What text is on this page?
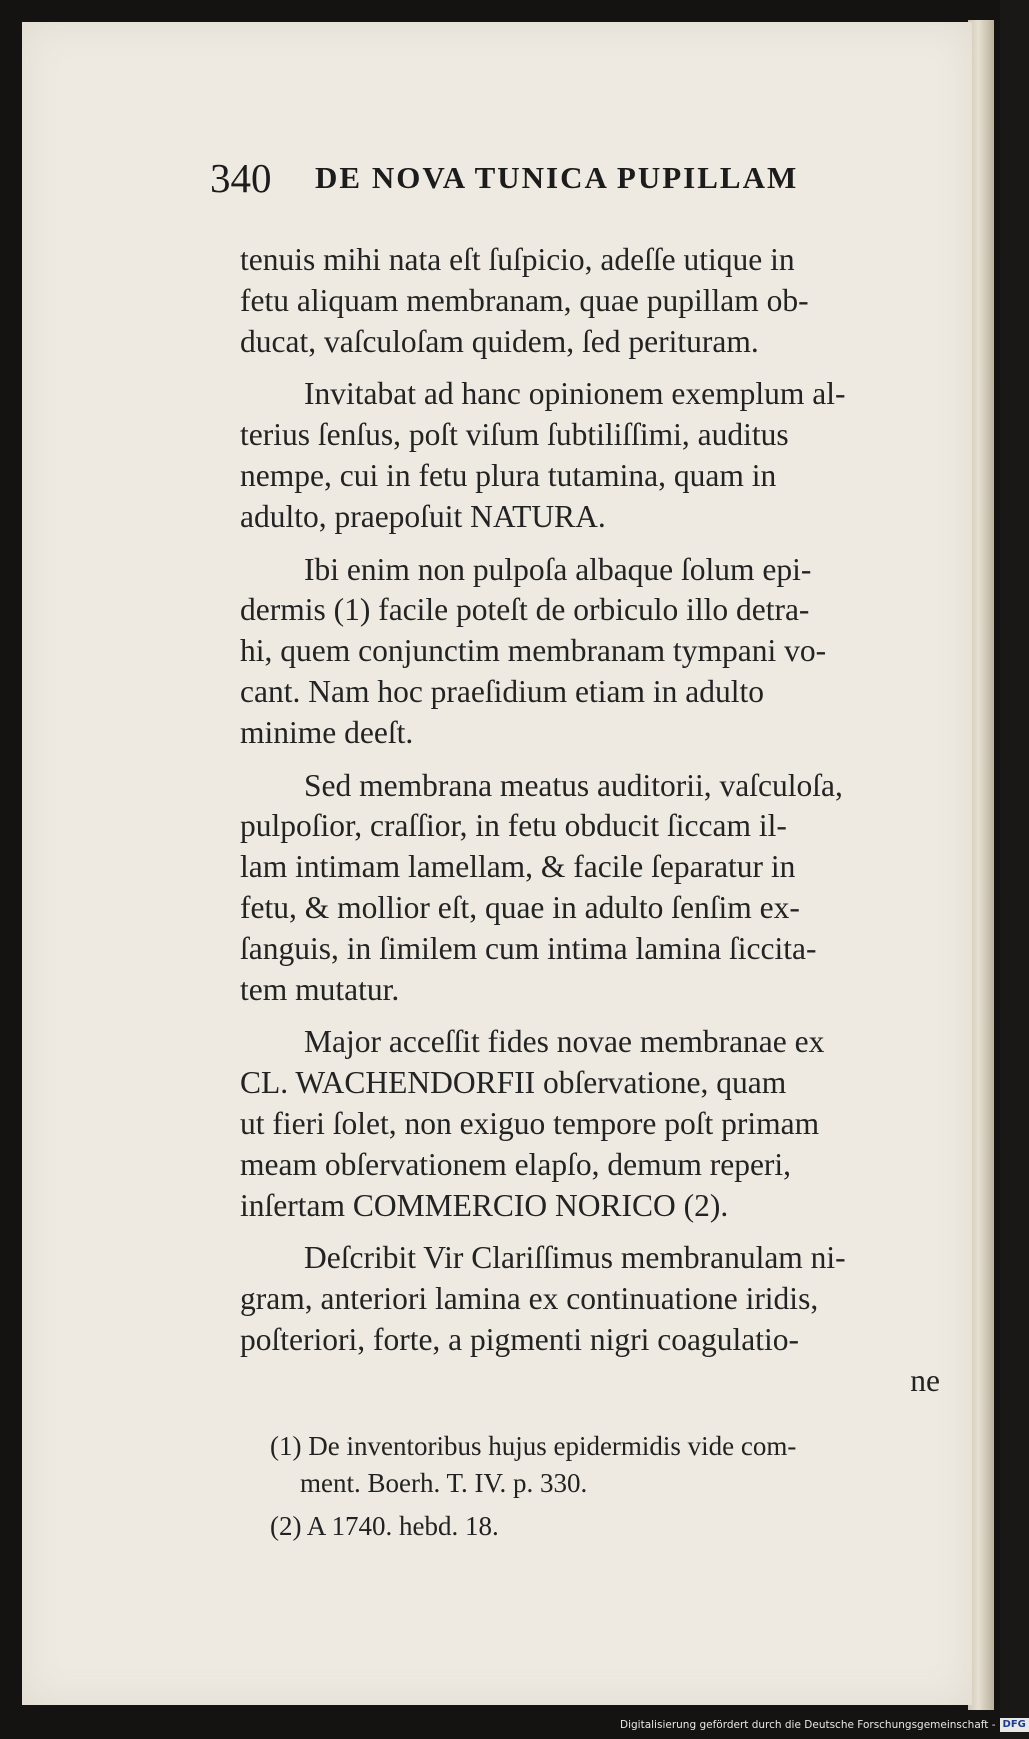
340 DE NOVA TUNICA PUPILLAM

tenuis mihi nata eſt ſuſpicio, adeſſe utique in
fetu aliquam membranam, quae pupillam ob-
ducat, vaſculoſam quidem, ſed perituram.

Invitabat ad hanc opinionem exemplum al-
terius ſenſus, poſt viſum ſubtiliſſimi, auditus
nempe, cui in fetu plura tutamina, quam in
adulto, praepoſuit NATURA.

Ibi enim non pulpoſa albaque ſolum epi-
dermis (1) facile poteſt de orbiculo illo detra-
hi, quem conjunctim membranam tympani vo-
cant. Nam hoc praeſidium etiam in adulto
minime deeſt.

Sed membrana meatus auditorii, vaſculoſa,
pulpoſior, craſſior, in fetu obducit ſiccam il-
lam intimam lamellam, & facile ſeparatur in
fetu, & mollior eſt, quae in adulto ſenſim ex-
ſanguis, in ſimilem cum intima lamina ſiccita-
tem mutatur.

Major acceſſit fides novae membranae ex
CL. WACHENDORFII obſervatione, quam
ut fieri ſolet, non exiguo tempore poſt primam
meam obſervationem elapſo, demum reperi,
inſertam COMMERCIO NORICO (2).

Deſcribit Vir Clariſſimus membranulam ni-
gram, anteriori lamina ex continuatione iridis,
poſteriori, forte, a pigmenti nigri coagulatio-
ne

(1) De inventoribus hujus epidermidis vide com-
ment. Boerh. T. IV. p. 330.

(2) A 1740. hebd. 18.

Digitalisierung gefördert durch die Deutsche Forschungsgemeinschaft - DFG
